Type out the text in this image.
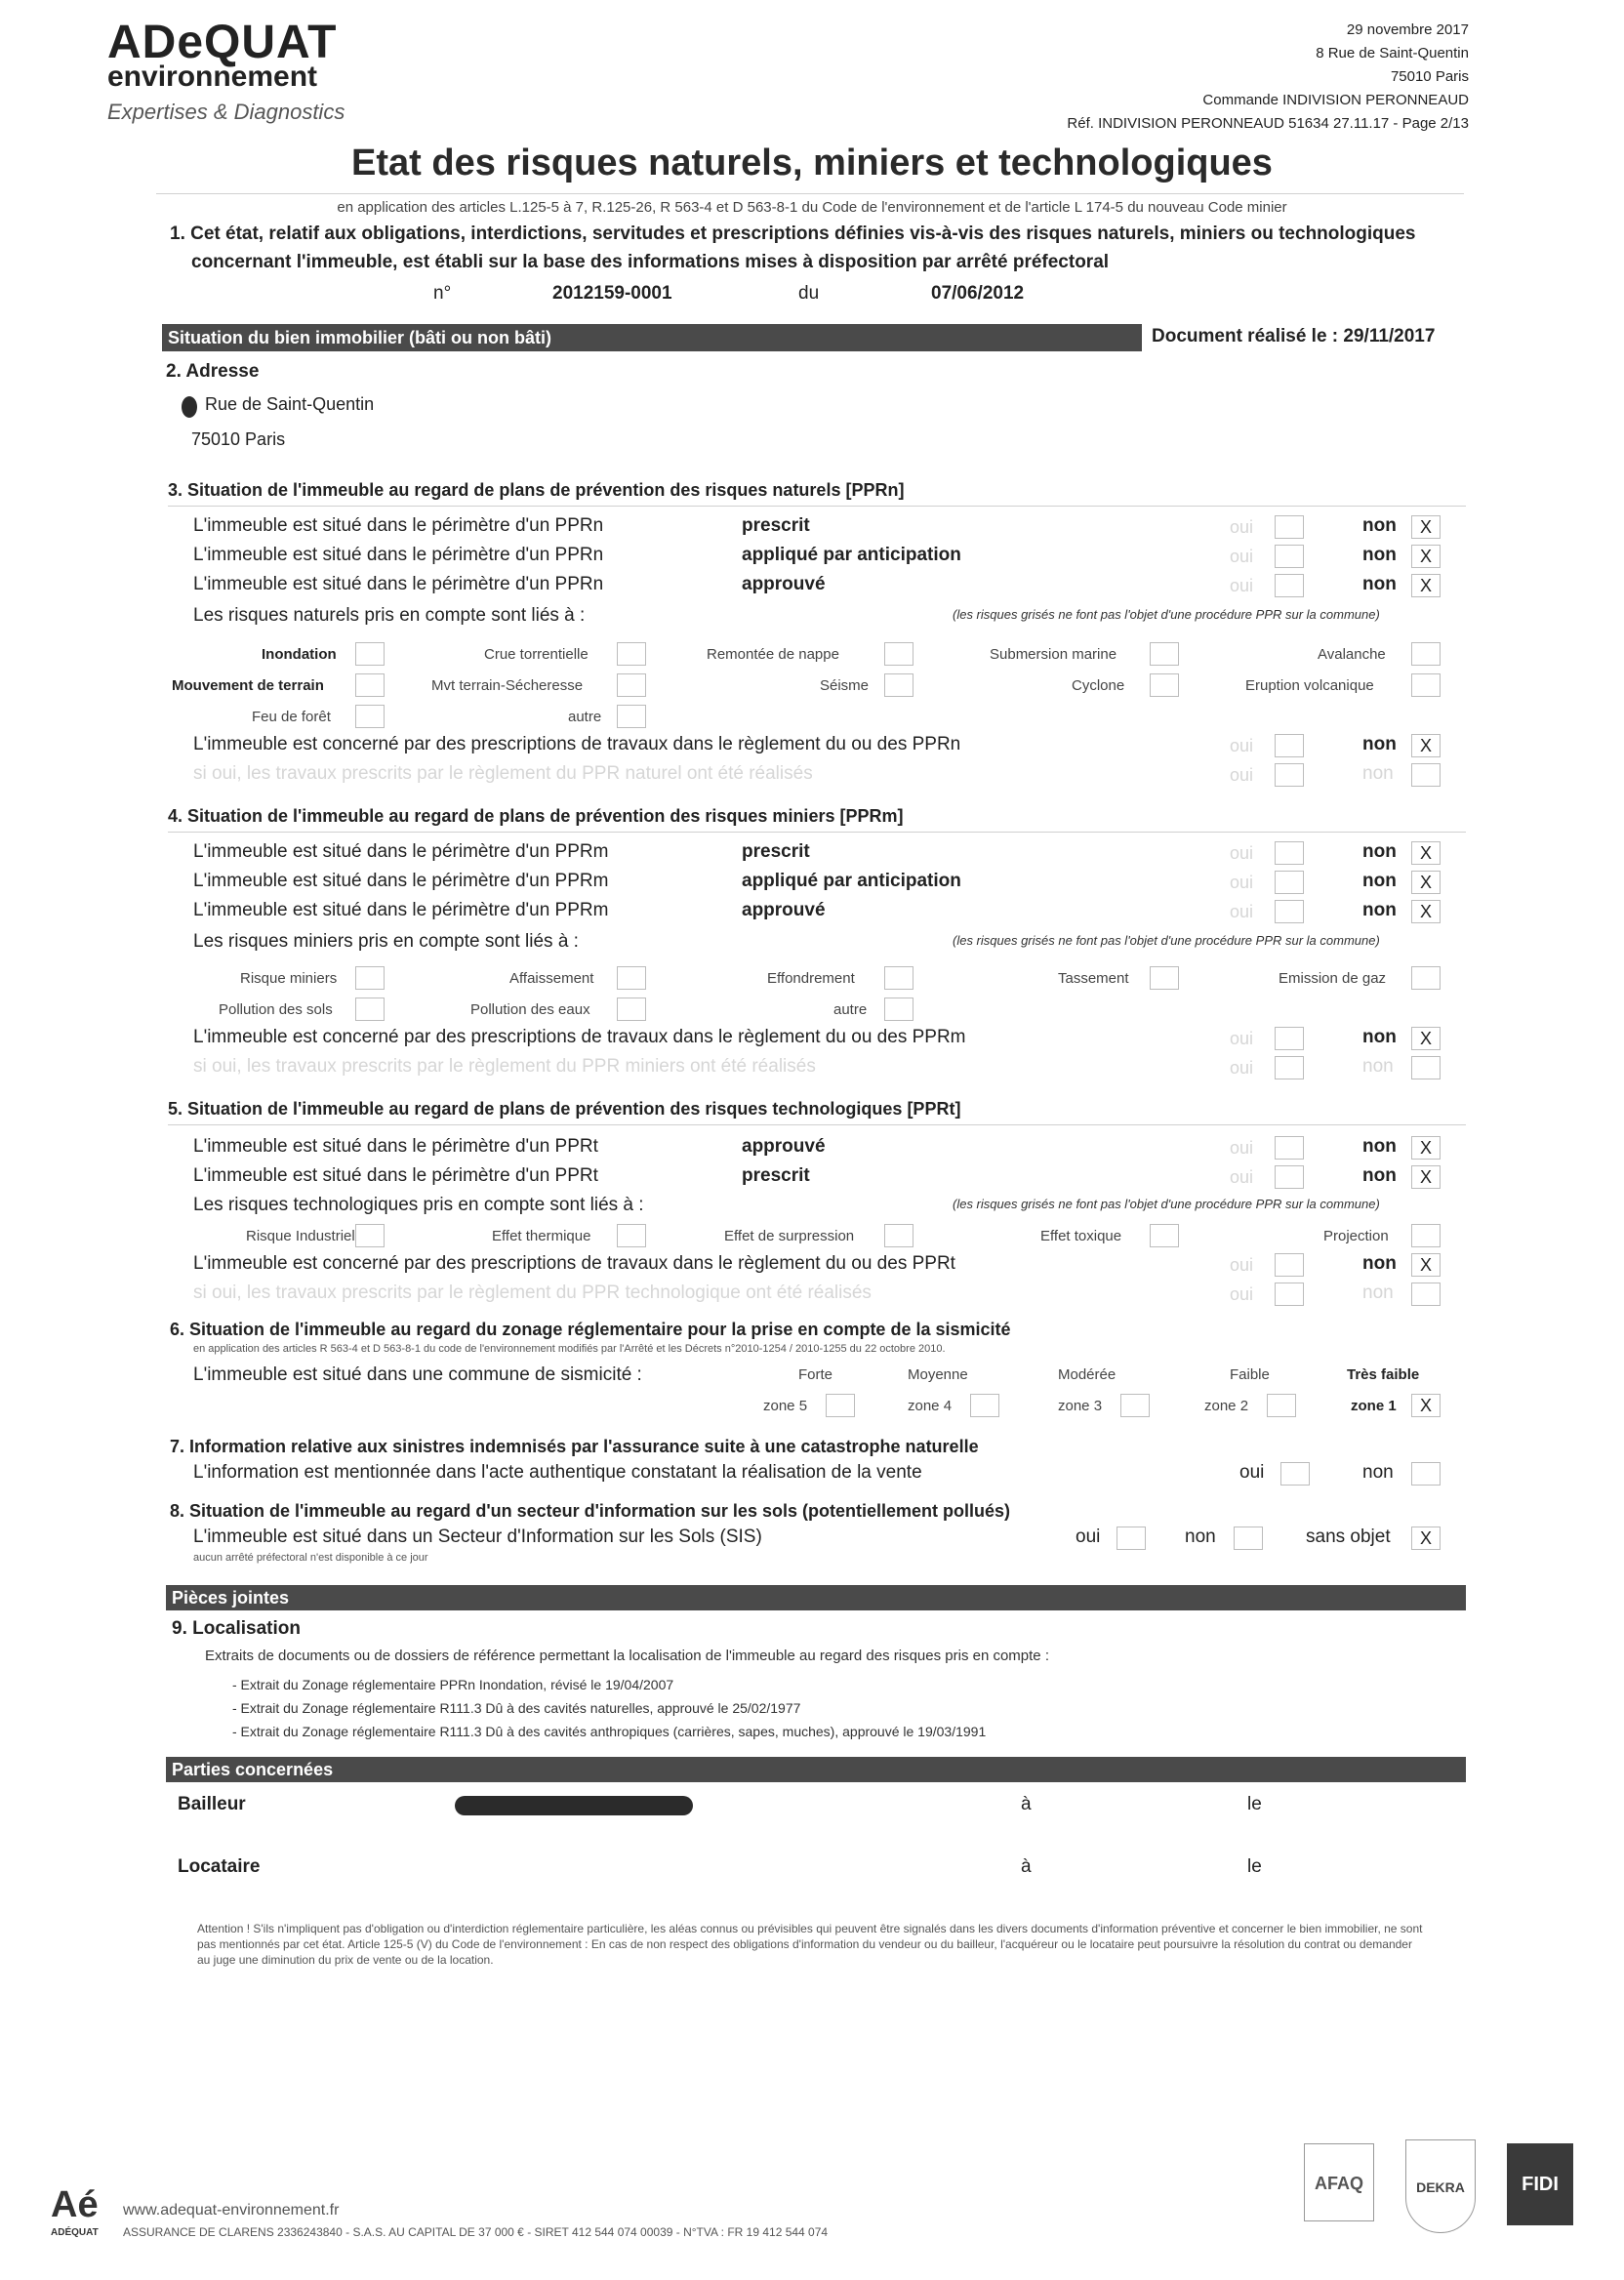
ADeQUAT
environnement
Expertises & Diagnostics
29 novembre 2017
8 Rue de Saint-Quentin
75010 Paris
Commande INDIVISION PERONNEAUD
Réf. INDIVISION PERONNEAUD 51634 27.11.17 - Page 2/13
Etat des risques naturels, miniers et technologiques
en application des articles L.125-5 à 7, R.125-26, R 563-4 et D 563-8-1 du Code de l'environnement et de l'article L 174-5 du nouveau Code minier
1. Cet état, relatif aux obligations, interdictions, servitudes et prescriptions définies vis-à-vis des risques naturels, miniers ou technologiques
concernant l'immeuble, est établi sur la base des informations mises à disposition par arrêté préfectoral
n°	2012159-0001	du	07/06/2012
Situation du bien immobilier (bâti ou non bâti)	Document réalisé le : 29/11/2017
2. Adresse
Rue de Saint-Quentin
75010 Paris
3. Situation de l'immeuble au regard de plans de prévention des risques naturels [PPRn]
L'immeuble est situé dans le périmètre d'un PPRn	prescrit	oui	non	X
L'immeuble est situé dans le périmètre d'un PPRn	appliqué par anticipation	oui	non	X
L'immeuble est situé dans le périmètre d'un PPRn	approuvé	oui	non	X
Les risques naturels pris en compte sont liés à :	(les risques grisés ne font pas l'objet d'une procédure PPR sur la commune)
Inondation	Crue torrentielle	Remontée de nappe	Submersion marine	Avalanche
Mouvement de terrain	Mvt terrain-Sécheresse	Séisme	Cyclone	Eruption volcanique
Feu de forêt	autre
L'immeuble est concerné par des prescriptions de travaux dans le règlement du ou des PPRn	oui	non	X
si oui, les travaux prescrits par le règlement du PPR naturel ont été réalisés	oui	non
4. Situation de l'immeuble au regard de plans de prévention des risques miniers [PPRm]
L'immeuble est situé dans le périmètre d'un PPRm	prescrit	oui	non	X
L'immeuble est situé dans le périmètre d'un PPRm	appliqué par anticipation	oui	non	X
L'immeuble est situé dans le périmètre d'un PPRm	approuvé	oui	non	X
Les risques miniers pris en compte sont liés à :	(les risques grisés ne font pas l'objet d'une procédure PPR sur la commune)
Risque miniers	Affaissement	Effondrement	Tassement	Emission de gaz
Pollution des sols	Pollution des eaux	autre
L'immeuble est concerné par des prescriptions de travaux dans le règlement du ou des PPRm	oui	non	X
si oui, les travaux prescrits par le règlement du PPR miniers ont été réalisés	oui	non
5. Situation de l'immeuble au regard de plans de prévention des risques technologiques [PPRt]
L'immeuble est situé dans le périmètre d'un PPRt	approuvé	oui	non	X
L'immeuble est situé dans le périmètre d'un PPRt	prescrit	oui	non	X
Les risques technologiques pris en compte sont liés à :	(les risques grisés ne font pas l'objet d'une procédure PPR sur la commune)
Risque Industriel	Effet thermique	Effet de surpression	Effet toxique	Projection
L'immeuble est concerné par des prescriptions de travaux dans le règlement du ou des PPRt	oui	non	X
si oui, les travaux prescrits par le règlement du PPR technologique ont été réalisés	oui	non
6. Situation de l'immeuble au regard du zonage réglementaire pour la prise en compte de la sismicité
en application des articles R 563-4 et D 563-8-1 du code de l'environnement modifiés par l'Arrêté et les Décrets n°2010-1254 / 2010-1255 du 22 octobre 2010.
L'immeuble est situé dans une commune de sismicité :	Forte	Moyenne	Modérée	Faible	Très faible
zone 5	zone 4	zone 3	zone 2	zone 1	X
7. Information relative aux sinistres indemnisés par l'assurance suite à une catastrophe naturelle
L'information est mentionnée dans l'acte authentique constatant la réalisation de la vente	oui	non
8. Situation de l'immeuble au regard d'un secteur d'information sur les sols (potentiellement pollués)
L'immeuble est situé dans un Secteur d'Information sur les Sols (SIS)	oui	non	sans objet	X
aucun arrêté préfectoral n'est disponible à ce jour
Pièces jointes
9. Localisation
Extraits de documents ou de dossiers de référence permettant la localisation de l'immeuble au regard des risques pris en compte :
- Extrait du Zonage réglementaire PPRn Inondation, révisé le 19/04/2007
- Extrait du Zonage réglementaire R111.3 Dû à des cavités naturelles, approuvé le 25/02/1977
- Extrait du Zonage réglementaire R111.3 Dû à des cavités anthropiques (carrières, sapes, muches), approuvé le 19/03/1991
Parties concernées
Bailleur	à	le
Locataire	à	le
Attention ! S'ils n'impliquent pas d'obligation ou d'interdiction réglementaire particulière, les aléas connus ou prévisibles qui peuvent être signalés dans les divers documents d'information préventive et concerner le bien immobilier, ne sont pas mentionnés par cet état. Article 125-5 (V) du Code de l'environnement : En cas de non respect des obligations d'information du vendeur ou du bailleur, l'acquéreur ou le locataire peut poursuivre la résolution du contrat ou demander au juge une diminution du prix de vente ou de la location.
Aé
ADÉQUAT
www.adequat-environnement.fr
ASSURANCE DE CLARENS 2336243840 - S.A.S. AU CAPITAL DE 37 000 € - SIRET 412 544 074 00039 - N°TVA : FR 19 412 544 074
AFAQ	DEKRA	FIDI
